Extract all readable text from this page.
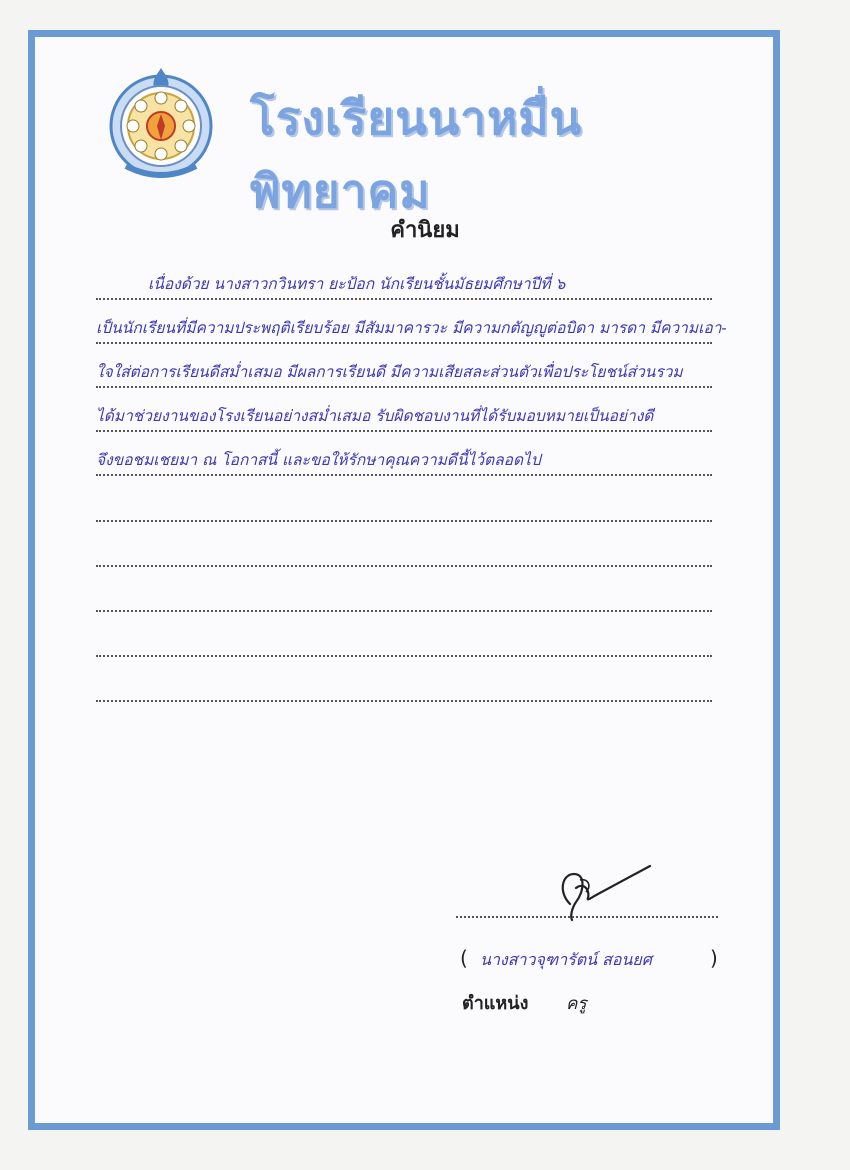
โรงเรียนนาหมื่นพิทยาคม
คำนิยม
เนื่องด้วย นางสาวกวินทรา ยะป้อก นักเรียนชั้นมัธยมศึกษาปีที่ ๖
เป็นนักเรียนที่มีความประพฤติเรียบร้อย มีสัมมาคารวะ มีความกตัญญูต่อบิดา มารดา มีความเอา-
ใจใส่ต่อการเรียนดีสม่ำเสมอ มีผลการเรียนดี มีความเสียสละส่วนตัวเพื่อประโยชน์ส่วนรวม
ได้มาช่วยงานของโรงเรียนอย่างสม่ำเสมอ รับผิดชอบงานที่ได้รับมอบหมายเป็นอย่างดี
จึงขอชมเชยมา ณ โอกาสนี้ และขอให้รักษาคุณความดีนี้ไว้ตลอดไป
( นางสาวจุฑารัตน์ สอนยศ	)
ตำแหน่ง ครู
